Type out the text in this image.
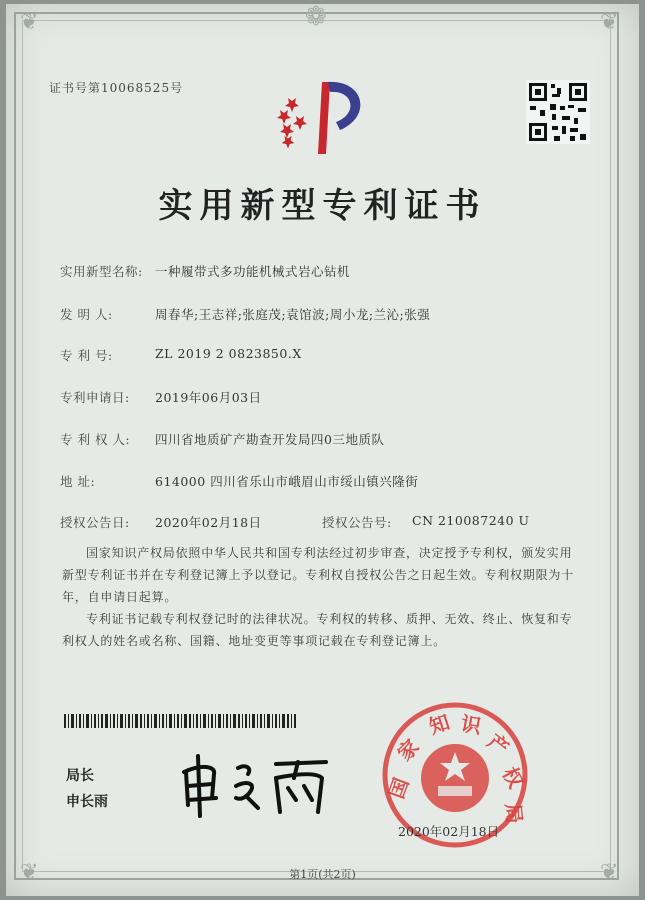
❦	❦
❦	❦
❁
证书号第10068525号
实用新型专利证书
实用新型名称: 一种履带式多功能机械式岩心钻机
发 明 人:	周春华;王志祥;张庭茂;袁馆波;周小龙;兰沁;张强
专 利 号:	ZL 2019 2 0823850.X
专利申请日: 2019年06月03日
专 利 权 人: 四川省地质矿产勘查开发局四0三地质队
地 址:	614000 四川省乐山市峨眉山市绥山镇兴隆街
授权公告日: 2020年02月18日	授权公告号: CN 210087240 U
国家知识产权局依照中华人民共和国专利法经过初步审查，决定授予专利权，颁发实用新型专利证书并在专利登记簿上予以登记。专利权自授权公告之日起生效。专利权期限为十年，自申请日起算。
专利证书记载专利权登记时的法律状况。专利权的转移、质押、无效、终止、恢复和专利权人的姓名或名称、国籍、地址变更等事项记载在专利登记簿上。
局长
申长雨
国
家
知 识
产
权
局
2020年02月18日
第1页(共2页)
